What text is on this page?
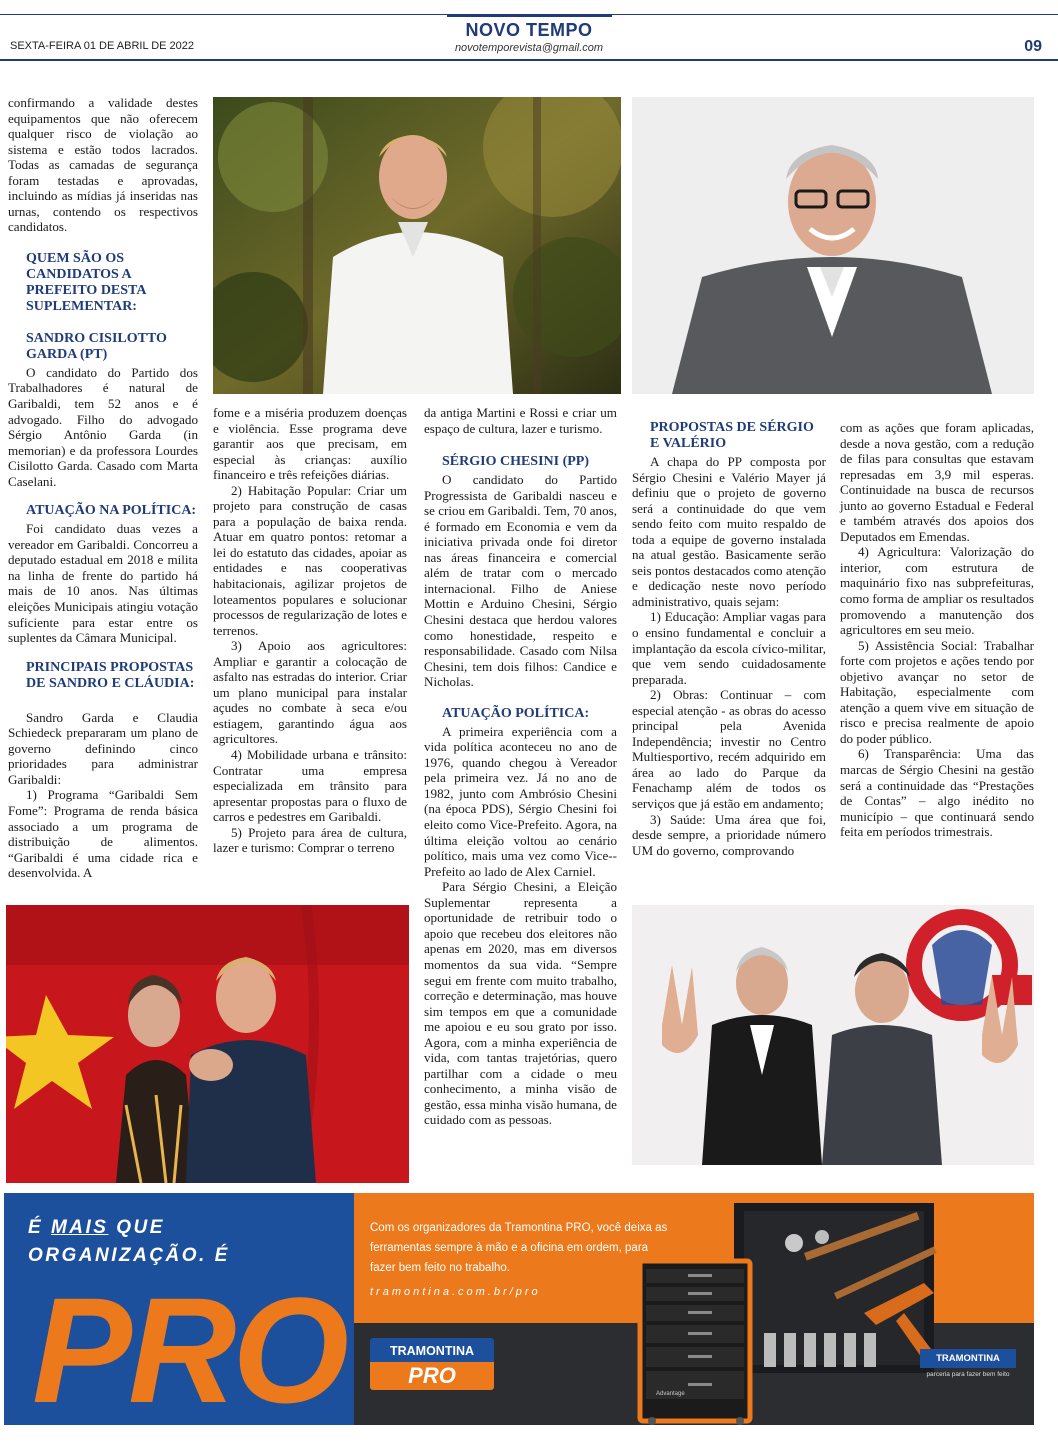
NOVO TEMPO
novotemporevista@gmail.com
SEXTA-FEIRA 01 DE ABRIL DE 2022	09

confirmando a validade destes equipamentos que não oferecem qualquer risco de violação ao sistema e estão todos lacrados. Todas as camadas de segurança foram testadas e aprovadas, incluindo as mídias já inseridas nas urnas, contendo os respectivos candidatos.

QUEM SÃO OS CANDIDATOS A PREFEITO DESTA SUPLEMENTAR:
SANDRO CISILOTTO GARDA (PT)

O candidato do Partido dos Trabalhadores é natural de Garibaldi, tem 52 anos e é advogado. Filho do advogado Sérgio Antônio Garda (in memorian) e da professora Lourdes Cisilotto Garda. Casado com Marta Caselani.

ATUAÇÃO NA POLÍTICA:

Foi candidato duas vezes a vereador em Garibaldi. Concorreu a deputado estadual em 2018 e milita na linha de frente do partido há mais de 10 anos. Nas últimas eleições Municipais atingiu votação suficiente para estar entre os suplentes da Câmara Municipal.

PRINCIPAIS PROPOSTAS DE SANDRO E CLÁUDIA:

Sandro Garda e Claudia Schiedeck prepararam um plano de governo definindo cinco prioridades para administrar Garibaldi:

1) Programa “Garibaldi Sem Fome”: Programa de renda básica associado a um programa de distribuição de alimentos. “Garibaldi é uma cidade rica e desenvolvida. A

fome e a miséria produzem doenças e violência. Esse programa deve garantir aos que precisam, em especial às crianças: auxílio financeiro e três refeições diárias.

2) Habitação Popular: Criar um projeto para construção de casas para a população de baixa renda. Atuar em quatro pontos: retomar a lei do estatuto das cidades, apoiar as entidades e nas cooperativas habitacionais, agilizar projetos de loteamentos populares e solucionar processos de regularização de lotes e terrenos.

3) Apoio aos agricultores: Ampliar e garantir a colocação de asfalto nas estradas do interior. Criar um plano municipal para instalar açudes no combate à seca e/ou estiagem, garantindo água aos agricultores.

4) Mobilidade urbana e trânsito: Contratar uma empresa especializada em trânsito para apresentar propostas para o fluxo de carros e pedestres em Garibaldi.

5) Projeto para área de cultura, lazer e turismo: Comprar o terreno

da antiga Martini e Rossi e criar um espaço de cultura, lazer e turismo.

SÉRGIO CHESINI (PP)

O candidato do Partido Progressista de Garibaldi nasceu e se criou em Garibaldi. Tem, 70 anos, é formado em Economia e vem da iniciativa privada onde foi diretor nas áreas financeira e comercial além de tratar com o mercado internacional. Filho de Aniese Mottin e Arduino Chesini, Sérgio Chesini destaca que herdou valores como honestidade, respeito e responsabilidade. Casado com Nilsa Chesini, tem dois filhos: Candice e Nicholas.

ATUAÇÃO POLÍTICA:

A primeira experiência com a vida política aconteceu no ano de 1976, quando chegou à Vereador pela primeira vez. Já no ano de 1982, junto com Ambrósio Chesini (na época PDS), Sérgio Chesini foi eleito como Vice-Prefeito. Agora, na última eleição voltou ao cenário político, mais uma vez como Vice--Prefeito ao lado de Alex Carniel.

Para Sérgio Chesini, a Eleição Suplementar representa a oportunidade de retribuir todo o apoio que recebeu dos eleitores não apenas em 2020, mas em diversos momentos da sua vida. “Sempre segui em frente com muito trabalho, correção e determinação, mas houve sim tempos em que a comunidade me apoiou e eu sou grato por isso. Agora, com a minha experiência de vida, com tantas trajetórias, quero partilhar com a cidade o meu conhecimento, a minha visão de gestão, essa minha visão humana, de cuidado com as pessoas.

PROPOSTAS DE SÉRGIO E VALÉRIO

A chapa do PP composta por Sérgio Chesini e Valério Mayer já definiu que o projeto de governo será a continuidade do que vem sendo feito com muito respaldo de toda a equipe de governo instalada na atual gestão. Basicamente serão seis pontos destacados como atenção e dedicação neste novo período administrativo, quais sejam:

1) Educação: Ampliar vagas para o ensino fundamental e concluir a implantação da escola cívico-militar, que vem sendo cuidadosamente preparada.

2) Obras: Continuar – com especial atenção - as obras do acesso principal pela Avenida Independência; investir no Centro Multiesportivo, recém adquirido em área ao lado do Parque da Fenachamp além de todos os serviços que já estão em andamento;

3) Saúde: Uma área que foi, desde sempre, a prioridade número UM do governo, comprovando

com as ações que foram aplicadas, desde a nova gestão, com a redução de filas para consultas que estavam represadas em 3,9 mil esperas. Continuidade na busca de recursos junto ao governo Estadual e Federal e também através dos apoios dos Deputados em Emendas.

4) Agricultura: Valorização do interior, com estrutura de maquinário fixo nas subprefeituras, como forma de ampliar os resultados promovendo a manutenção dos agricultores em seu meio.

5) Assistência Social: Trabalhar forte com projetos e ações tendo por objetivo avançar no setor de Habitação, especialmente com atenção a quem vive em situação de risco e precisa realmente de apoio do poder público.

6) Transparência: Uma das marcas de Sérgio Chesini na gestão será a continuidade das “Prestações de Contas” – algo inédito no município – que continuará sendo feita em períodos trimestrais.

É MAIS QUE
ORGANIZAÇÃO. É
PRO
Com os organizadores da Tramontina PRO, você deixa as ferramentas sempre à mão e a oficina em ordem, para fazer bem feito no trabalho.
tramontina.com.br/pro
TRAMONTINA
PRO
Advantage
TRAMONTINA
parceria para fazer bem feito
